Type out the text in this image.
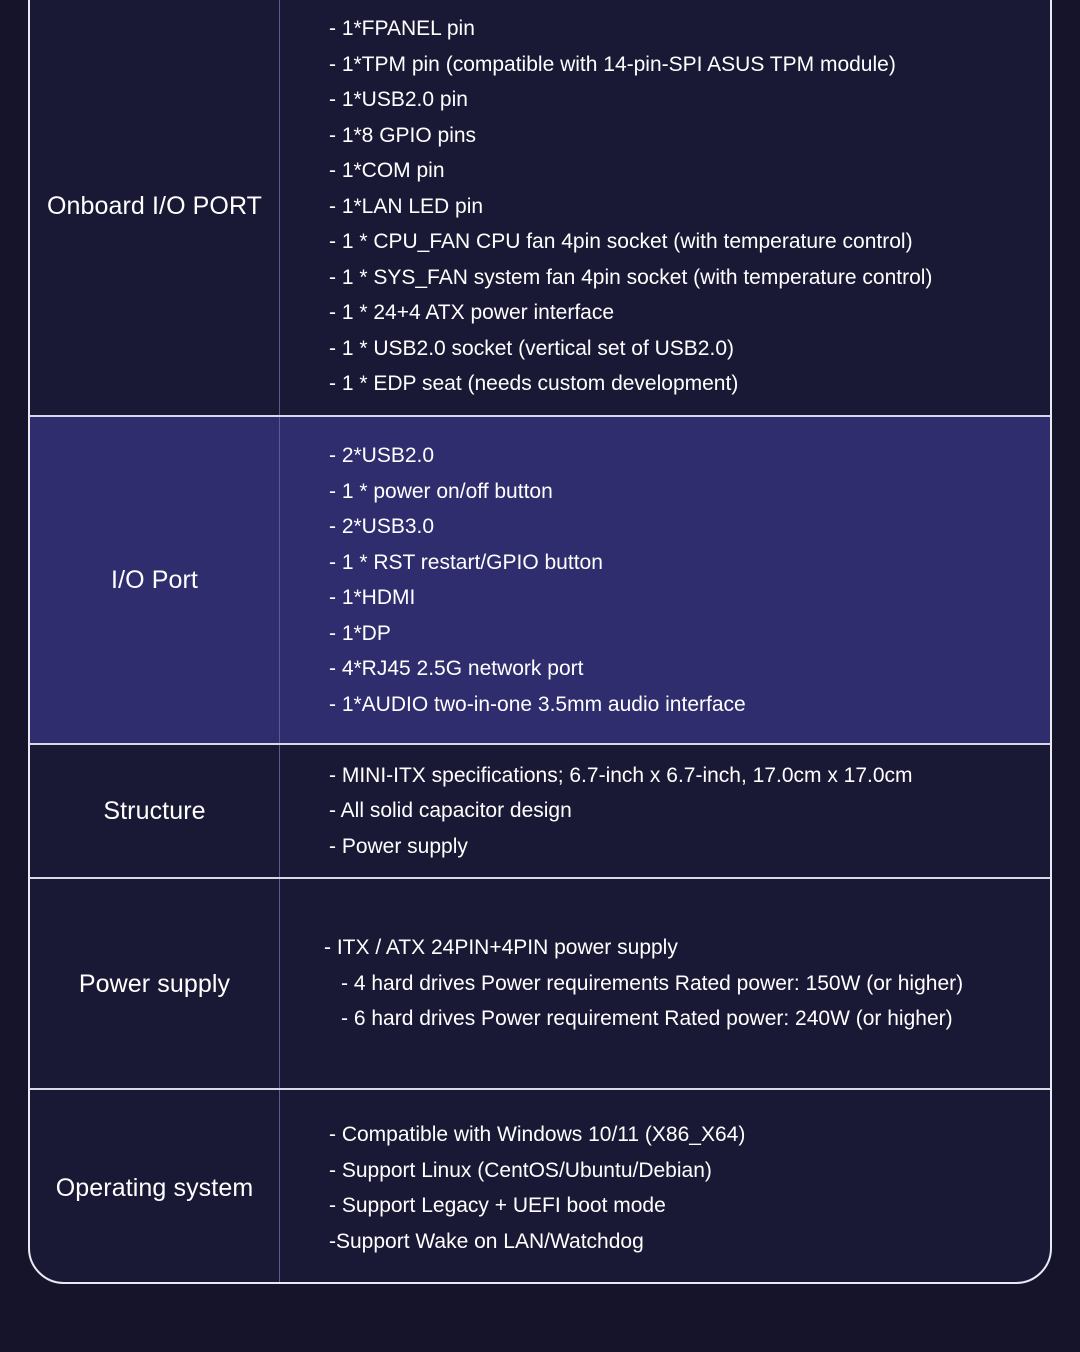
Onboard I/O PORT
- 1*FPANEL pin
- 1*TPM pin (compatible with 14-pin-SPI ASUS TPM module)
- 1*USB2.0 pin
- 1*8 GPIO pins
- 1*COM pin
- 1*LAN LED pin
- 1 * CPU_FAN CPU fan 4pin socket (with temperature control)
- 1 * SYS_FAN system fan 4pin socket (with temperature control)
- 1 * 24+4 ATX power interface
- 1 * USB2.0 socket (vertical set of USB2.0)
- 1 * EDP seat (needs custom development)
I/O Port
- 2*USB2.0
- 1 * power on/off button
- 2*USB3.0
- 1 * RST restart/GPIO button
- 1*HDMI
- 1*DP
- 4*RJ45 2.5G network port
- 1*AUDIO two-in-one 3.5mm audio interface
Structure
- MINI-ITX specifications; 6.7-inch x 6.7-inch, 17.0cm x 17.0cm
- All solid capacitor design
- Power supply
Power supply
- ITX / ATX 24PIN+4PIN power supply
- 4 hard drives Power requirements Rated power: 150W (or higher)
- 6 hard drives Power requirement Rated power: 240W (or higher)
Operating system
- Compatible with Windows 10/11 (X86_X64)
- Support Linux (CentOS/Ubuntu/Debian)
- Support Legacy + UEFI boot mode
-Support Wake on LAN/Watchdog
